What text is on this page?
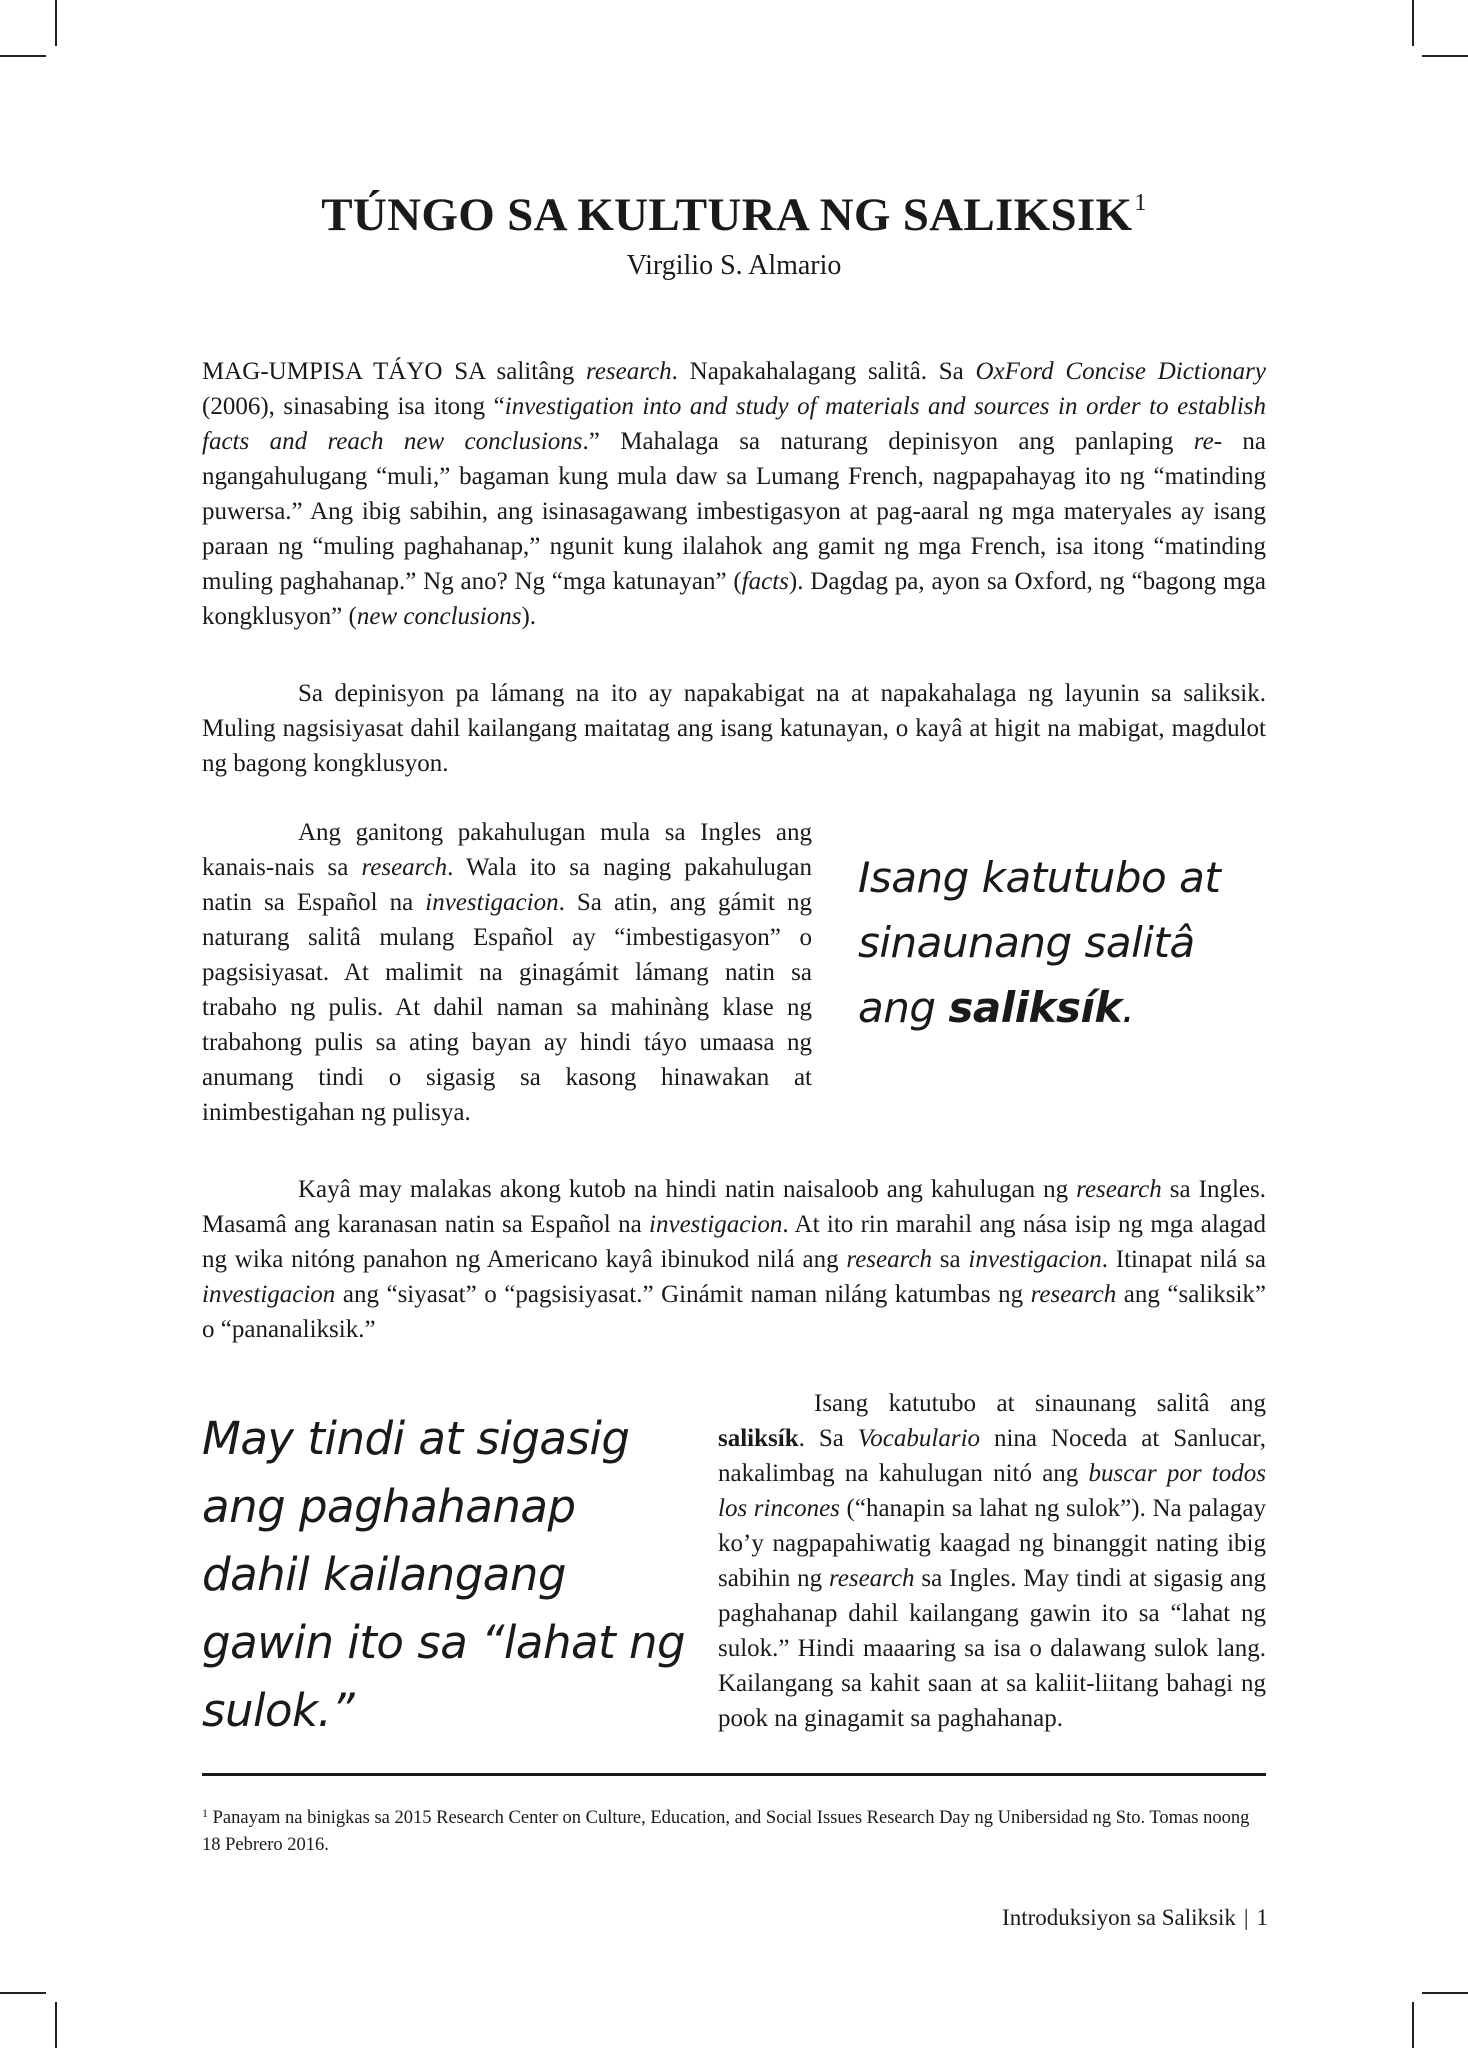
TÚNGO SA KULTURA NG SALIKSIK$^1$
Virgilio S. Almario

MAG-UMPISA TÁYO SA salitâng research. Napakahalagang salitâ. Sa OxFord Concise Dictionary (2006), sinasabing isa itong “investigation into and study of materials and sources in order to establish facts and reach new conclusions.” Mahalaga sa naturang depinisyon ang panlaping re- na ngangahulugang “muli,” bagaman kung mula daw sa Lumang French, nagpapahayag ito ng “matinding puwersa.” Ang ibig sabihin, ang isinasagawang imbestigasyon at pag-aaral ng mga materyales ay isang paraan ng “muling paghahanap,” ngunit kung ilalahok ang gamit ng mga French, isa itong “matinding muling paghahanap.” Ng ano? Ng “mga katunayan” (facts). Dagdag pa, ayon sa Oxford, ng “bagong mga kongklusyon” (new conclusions).

Sa depinisyon pa lámang na ito ay napakabigat na at napakahalaga ng layunin sa saliksik. Muling nagsisiyasat dahil kailangang maitatag ang isang katunayan, o kayâ at higit na mabigat, magdulot ng bagong kongklusyon.

Ang ganitong pakahulugan mula sa Ingles ang kanais-nais sa research. Wala ito sa naging pakahulugan natin sa Español na investigacion. Sa atin, ang gámit ng naturang salitâ mulang Español ay “imbestigasyon” o pagsisiyasat. At malimit na ginagámit lámang natin sa trabaho ng pulis. At dahil naman sa mahinàng klase ng trabahong pulis sa ating bayan ay hindi táyo umaasa ng anumang tindi o sigasig sa kasong hinawakan at inimbestigahan ng pulisya.

Isang katutubo at sinaunang salitâ ang saliksík.

Kayâ may malakas akong kutob na hindi natin naisaloob ang kahulugan ng research sa Ingles. Masamâ ang karanasan natin sa Español na investigacion. At ito rin marahil ang nása isip ng mga alagad ng wika nitóng panahon ng Americano kayâ ibinukod nilá ang research sa investigacion. Itinapat nilá sa investigacion ang “siyasat” o “pagsisiyasat.” Ginámit naman niláng katumbas ng research ang “saliksik” o “pananaliksik.”

May tindi at sigasig ang paghahanap dahil kailangang gawin ito sa “lahat ng sulok.”

Isang katutubo at sinaunang salitâ ang saliksík. Sa Vocabulario nina Noceda at Sanlucar, nakalimbag na kahulugan nitó ang buscar por todos los rincones (“hanapin sa lahat ng sulok”). Na palagay ko’y nagpapahiwatig kaagad ng binanggit nating ibig sabihin ng research sa Ingles. May tindi at sigasig ang paghahanap dahil kailangang gawin ito sa “lahat ng sulok.” Hindi maaaring sa isa o dalawang sulok lang. Kailangang sa kahit saan at sa kaliit-liitang bahagi ng pook na ginagamit sa paghahanap.

$^1$ Panayam na binigkas sa 2015 Research Center on Culture, Education, and Social Issues Research Day ng Unibersidad ng Sto. Tomas noong 18 Pebrero 2016.

Introduksiyon sa Saliksik | 1
